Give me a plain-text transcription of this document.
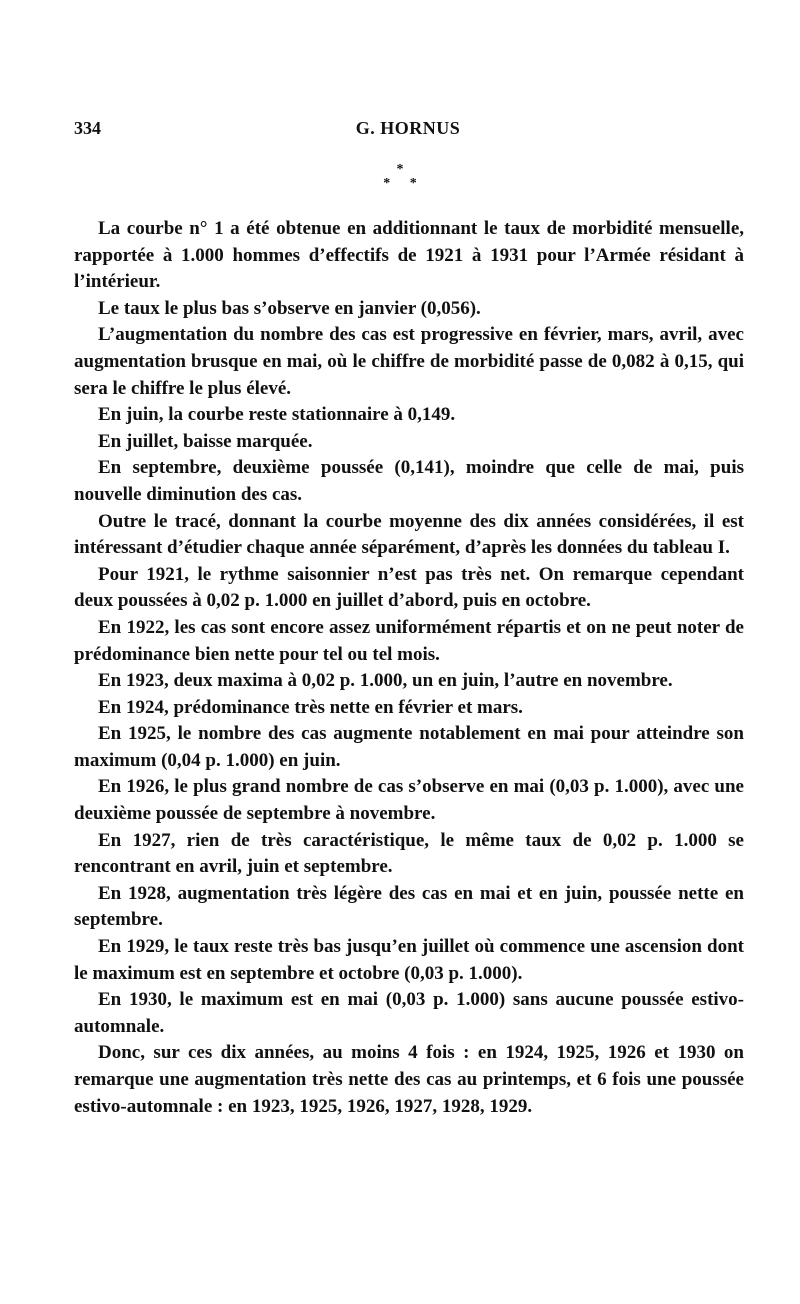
334	G. HORNUS
*
* *

La courbe n° 1 a été obtenue en additionnant le taux de morbidité mensuelle, rapportée à 1.000 hommes d’effectifs de 1921 à 1931 pour l’Armée résidant à l’intérieur.

Le taux le plus bas s’observe en janvier (0,056).

L’augmentation du nombre des cas est progressive en février, mars, avril, avec augmentation brusque en mai, où le chiffre de morbidité passe de 0,082 à 0,15, qui sera le chiffre le plus élevé.

En juin, la courbe reste stationnaire à 0,149.

En juillet, baisse marquée.

En septembre, deuxième poussée (0,141), moindre que celle de mai, puis nouvelle diminution des cas.

Outre le tracé, donnant la courbe moyenne des dix années considérées, il est intéressant d’étudier chaque année séparément, d’après les données du tableau I.

Pour 1921, le rythme saisonnier n’est pas très net. On remarque cependant deux poussées à 0,02 p. 1.000 en juillet d’abord, puis en octobre.

En 1922, les cas sont encore assez uniformément répartis et on ne peut noter de prédominance bien nette pour tel ou tel mois.

En 1923, deux maxima à 0,02 p. 1.000, un en juin, l’autre en novembre.

En 1924, prédominance très nette en février et mars.

En 1925, le nombre des cas augmente notablement en mai pour atteindre son maximum (0,04 p. 1.000) en juin.

En 1926, le plus grand nombre de cas s’observe en mai (0,03 p. 1.000), avec une deuxième poussée de septembre à novembre.

En 1927, rien de très caractéristique, le même taux de 0,02 p. 1.000 se rencontrant en avril, juin et septembre.

En 1928, augmentation très légère des cas en mai et en juin, poussée nette en septembre.

En 1929, le taux reste très bas jusqu’en juillet où commence une ascension dont le maximum est en septembre et octobre (0,03 p. 1.000).

En 1930, le maximum est en mai (0,03 p. 1.000) sans aucune poussée estivo-automnale.

Donc, sur ces dix années, au moins 4 fois : en 1924, 1925, 1926 et 1930 on remarque une augmentation très nette des cas au printemps, et 6 fois une poussée estivo-automnale : en 1923, 1925, 1926, 1927, 1928, 1929.
